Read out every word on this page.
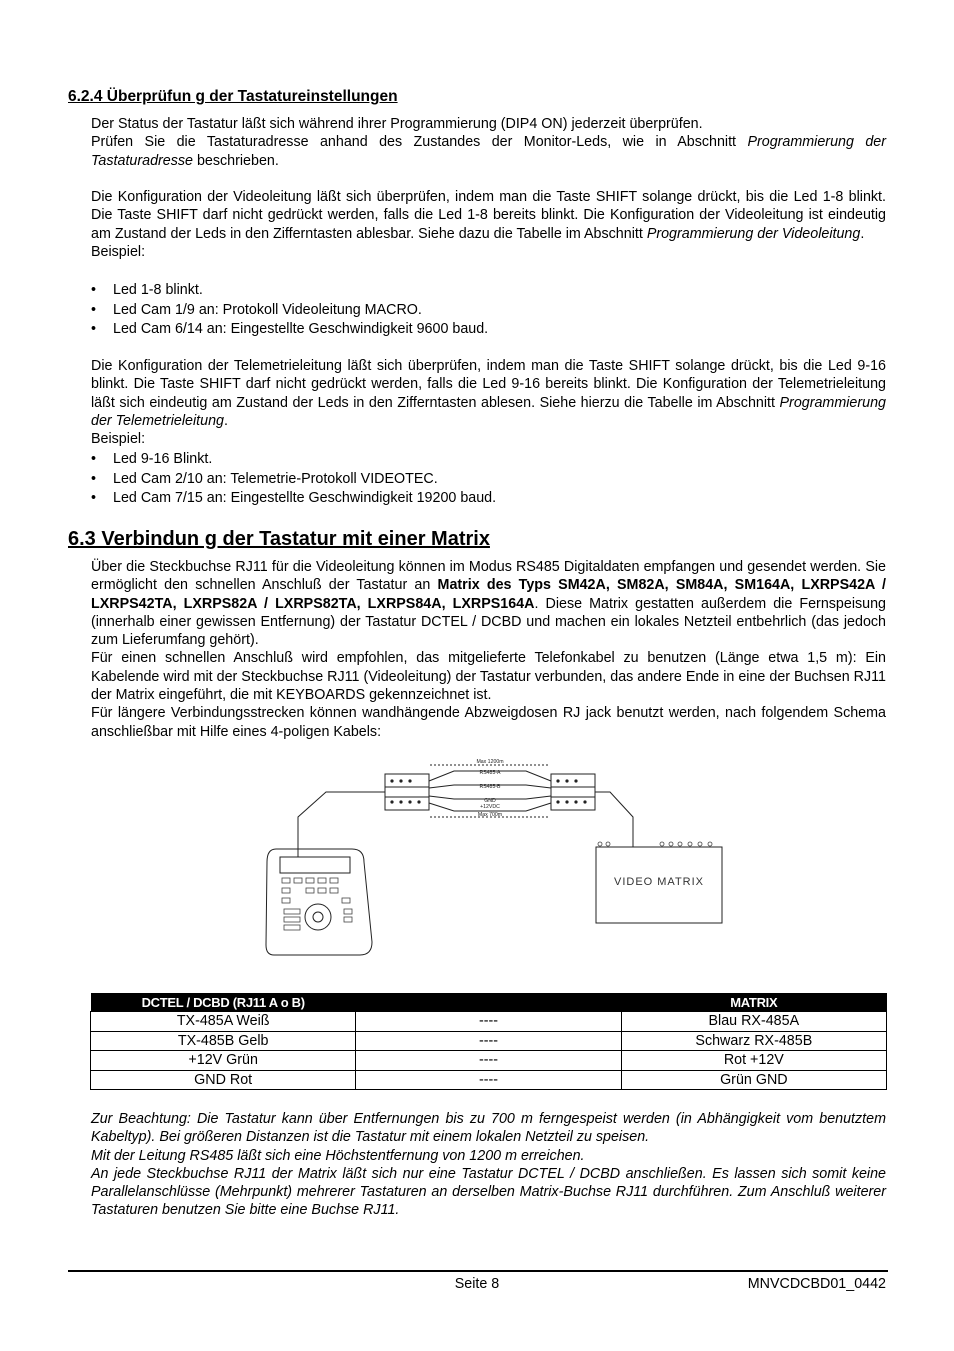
6.2.4 Überprüfun g der Tastatureinstellungen

Der Status der Tastatur läßt sich während ihrer Programmierung (DIP4 ON) jederzeit überprüfen.

Prüfen Sie die Tastaturadresse anhand des Zustandes der Monitor-Leds, wie in Abschnitt Programmierung der Tastaturadresse beschrieben.

Die Konfiguration der Videoleitung läßt sich überprüfen, indem man die Taste SHIFT solange drückt, bis die Led 1-8 blinkt. Die Taste SHIFT darf nicht gedrückt werden, falls die Led 1-8 bereits blinkt. Die Konfiguration der Videoleitung ist eindeutig am Zustand der Leds in den Zifferntasten ablesbar. Siehe dazu die Tabelle im Abschnitt Programmierung der Videoleitung.

Beispiel:

• Led 1-8 blinkt.
• Led Cam 1/9 an: Protokoll Videoleitung MACRO.
• Led Cam 6/14 an: Eingestellte Geschwindigkeit 9600 baud.

Die Konfiguration der Telemetrieleitung läßt sich überprüfen, indem man die Taste SHIFT solange drückt, bis die Led 9-16 blinkt. Die Taste SHIFT darf nicht gedrückt werden, falls die Led 9-16 bereits blinkt. Die Konfiguration der Telemetrieleitung läßt sich eindeutig am Zustand der Leds in den Zifferntasten ablesen. Siehe hierzu die Tabelle im Abschnitt Programmierung der Telemetrieleitung.

Beispiel:

• Led 9-16 Blinkt.
• Led Cam 2/10 an: Telemetrie-Protokoll VIDEOTEC.
• Led Cam 7/15 an: Eingestellte Geschwindigkeit 19200 baud.
6.3 Verbindun g der Tastatur mit einer Matrix

Über die Steckbuchse RJ11 für die Videoleitung können im Modus RS485 Digitaldaten empfangen und gesendet werden. Sie ermöglicht den schnellen Anschluß der Tastatur an Matrix des Typs SM42A, SM82A, SM84A, SM164A, LXRPS42A / LXRPS42TA, LXRPS82A / LXRPS82TA, LXRPS84A, LXRPS164A. Diese Matrix gestatten außerdem die Fernspeisung (innerhalb einer gewissen Entfernung) der Tastatur DCTEL / DCBD und machen ein lokales Netzteil entbehrlich (das jedoch zum Lieferumfang gehört).

Für einen schnellen Anschluß wird empfohlen, das mitgelieferte Telefonkabel zu benutzen (Länge etwa 1,5 m): Ein Kabelende wird mit der Steckbuchse RJ11 (Videoleitung) der Tastatur verbunden, das andere Ende in eine der Buchsen RJ11 der Matrix eingeführt, die mit KEYBOARDS gekennzeichnet ist.

Für längere Verbindungsstrecken können wandhängende Abzweigdosen RJ jack benutzt werden, nach folgendem Schema anschließbar mit Hilfe eines 4-poligen Kabels:

Max 1200m
RS485-A
RS485-B
GND
+12VDC
Max 700m
VIDEO MATRIX
DCTEL / DCBD (RJ11 A o B)		MATRIX
TX-485A Weiß	----	Blau RX-485A
TX-485B Gelb	----	Schwarz RX-485B
+12V Grün	----	Rot +12V
GND Rot	----	Grün GND

Zur Beachtung: Die Tastatur kann über Entfernungen bis zu 700 m ferngespeist werden (in Abhängigkeit vom benutztem Kabeltyp). Bei größeren Distanzen ist die Tastatur mit einem lokalen Netzteil zu speisen.

Mit der Leitung RS485 läßt sich eine Höchstentfernung von 1200 m erreichen.

An jede Steckbuchse RJ11 der Matrix läßt sich nur eine Tastatur DCTEL / DCBD anschließen. Es lassen sich somit keine Parallelanschlüsse (Mehrpunkt) mehrerer Tastaturen an derselben Matrix-Buchse RJ11 durchführen. Zum Anschluß weiterer Tastaturen benutzen Sie bitte eine Buchse RJ11.

Seite 8	MNVCDCBD01_0442
